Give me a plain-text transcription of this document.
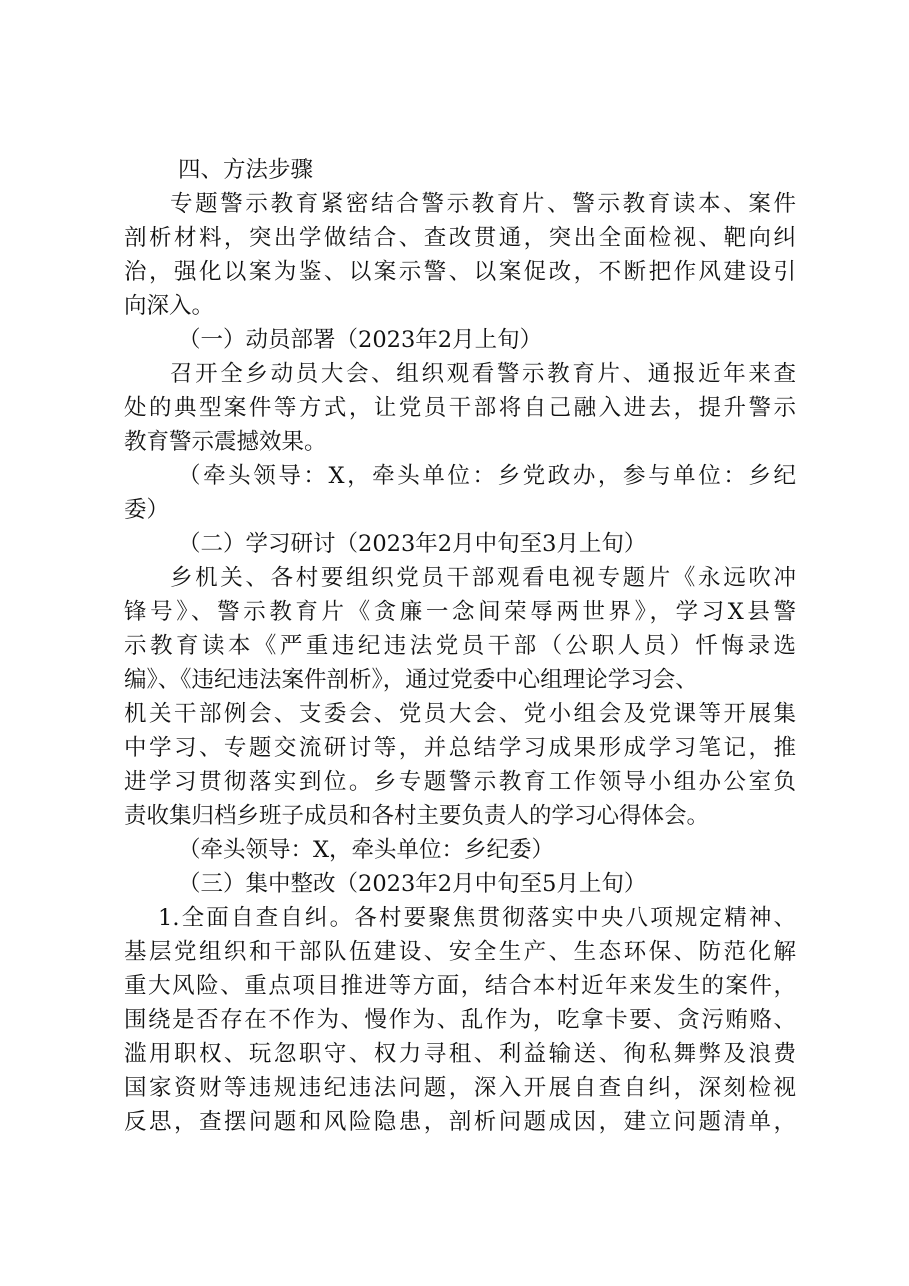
四、方法步骤
专题警示教育紧密结合警示教育片、警示教育读本、案件
剖析材料，突出学做结合、查改贯通，突出全面检视、靶向纠
治，强化以案为鉴、以案示警、以案促改，不断把作风建设引
向深入。
（一）动员部署（2023年2月上旬）
召开全乡动员大会、组织观看警示教育片、通报近年来查
处的典型案件等方式，让党员干部将自己融入进去，提升警示
教育警示震撼效果。
（牵头领导：X，牵头单位：乡党政办，参与单位：乡纪
委）
（二）学习研讨（2023年2月中旬至3月上旬）
乡机关、各村要组织党员干部观看电视专题片《永远吹冲
锋号》、警示教育片《贪廉一念间荣辱两世界》，学习X县警
示教育读本《严重违纪违法党员干部（公职人员）忏悔录选
编》、《违纪违法案件剖析》，通过党委中心组理论学习会、
机关干部例会、支委会、党员大会、党小组会及党课等开展集
中学习、专题交流研讨等，并总结学习成果形成学习笔记，推
进学习贯彻落实到位。乡专题警示教育工作领导小组办公室负
责收集归档乡班子成员和各村主要负责人的学习心得体会。
（牵头领导：X，牵头单位：乡纪委）
（三）集中整改（2023年2月中旬至5月上旬）
1.全面自查自纠。各村要聚焦贯彻落实中央八项规定精神、
基层党组织和干部队伍建设、安全生产、生态环保、防范化解
重大风险、重点项目推进等方面，结合本村近年来发生的案件，
围绕是否存在不作为、慢作为、乱作为，吃拿卡要、贪污贿赂、
滥用职权、玩忽职守、权力寻租、利益输送、徇私舞弊及浪费
国家资财等违规违纪违法问题，深入开展自查自纠，深刻检视
反思，查摆问题和风险隐患，剖析问题成因，建立问题清单，
